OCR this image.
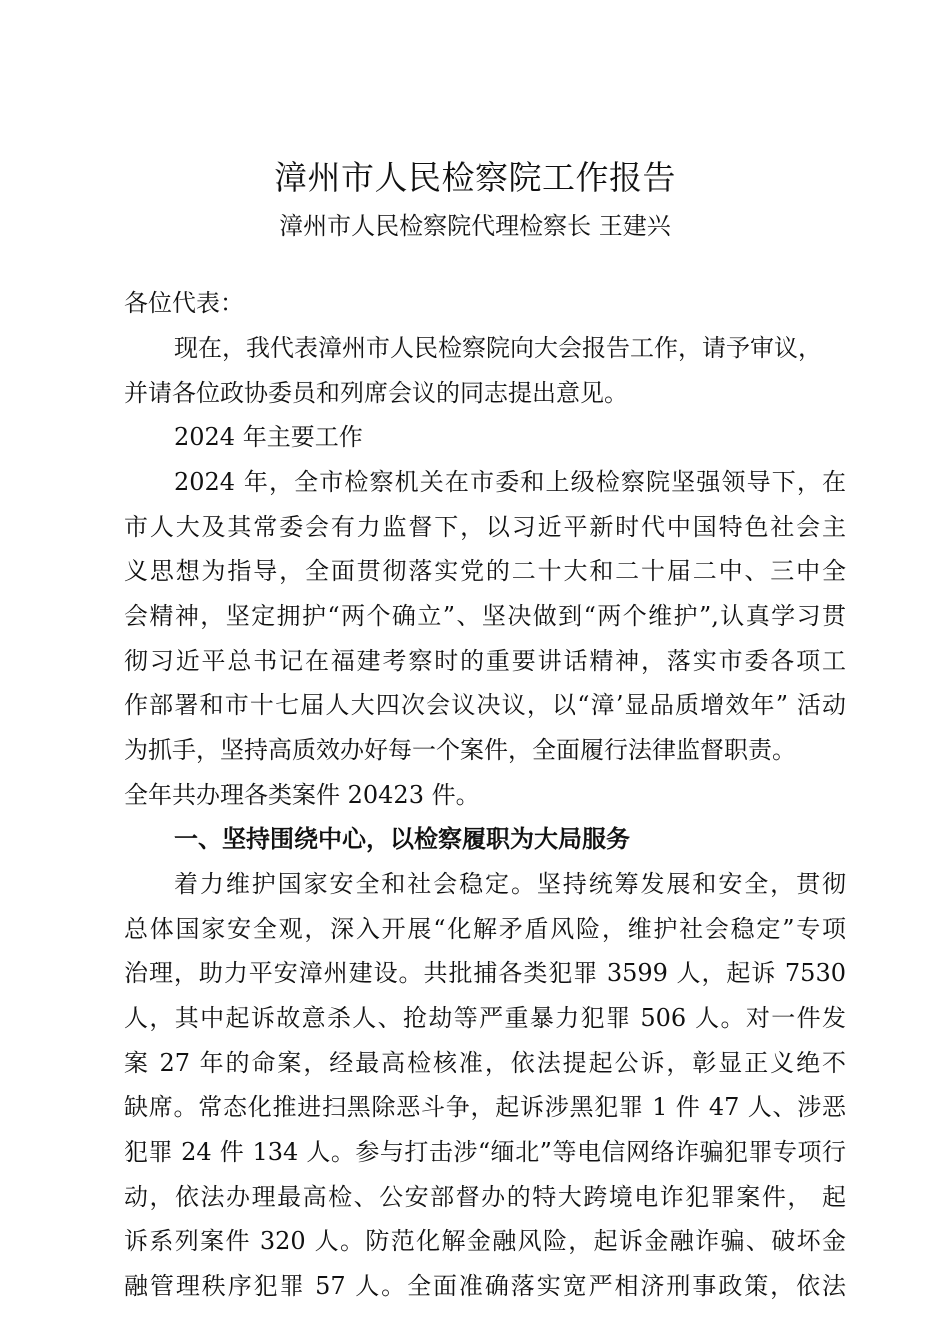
漳州市人民检察院工作报告
漳州市人民检察院代理检察长 王建兴
各位代表：
现在，我代表漳州市人民检察院向大会报告工作，请予审议，
并请各位政协委员和列席会议的同志提出意见。
2024 年主要工作
2024 年，全市检察机关在市委和上级检察院坚强领导下，在
市人大及其常委会有力监督下，以习近平新时代中国特色社会主
义思想为指导，全面贯彻落实党的二十大和二十届二中、三中全
会精神，坚定拥护“两个确立”、坚决做到“两个维护”,认真学习贯
彻习近平总书记在福建考察时的重要讲话精神，落实市委各项工
作部署和市十七届人大四次会议决议，以“漳’显品质增效年” 活动
为抓手，坚持高质效办好每一个案件，全面履行法律监督职责。
全年共办理各类案件 20423 件。
一、坚持围绕中心，以检察履职为大局服务
着力维护国家安全和社会稳定。坚持统筹发展和安全，贯彻
总体国家安全观，深入开展“化解矛盾风险，维护社会稳定”专项
治理，助力平安漳州建设。共批捕各类犯罪 3599 人，起诉 7530
人，其中起诉故意杀人、抢劫等严重暴力犯罪 506 人。对一件发
案 27 年的命案，经最高检核准，依法提起公诉，彰显正义绝不
缺席。常态化推进扫黑除恶斗争，起诉涉黑犯罪 1 件 47 人、涉恶
犯罪 24 件 134 人。参与打击涉“缅北”等电信网络诈骗犯罪专项行
动，依法办理最高检、公安部督办的特大跨境电诈犯罪案件， 起
诉系列案件 320 人。防范化解金融风险，起诉金融诈骗、破坏金
融管理秩序犯罪 57 人。全面准确落实宽严相济刑事政策，依法
